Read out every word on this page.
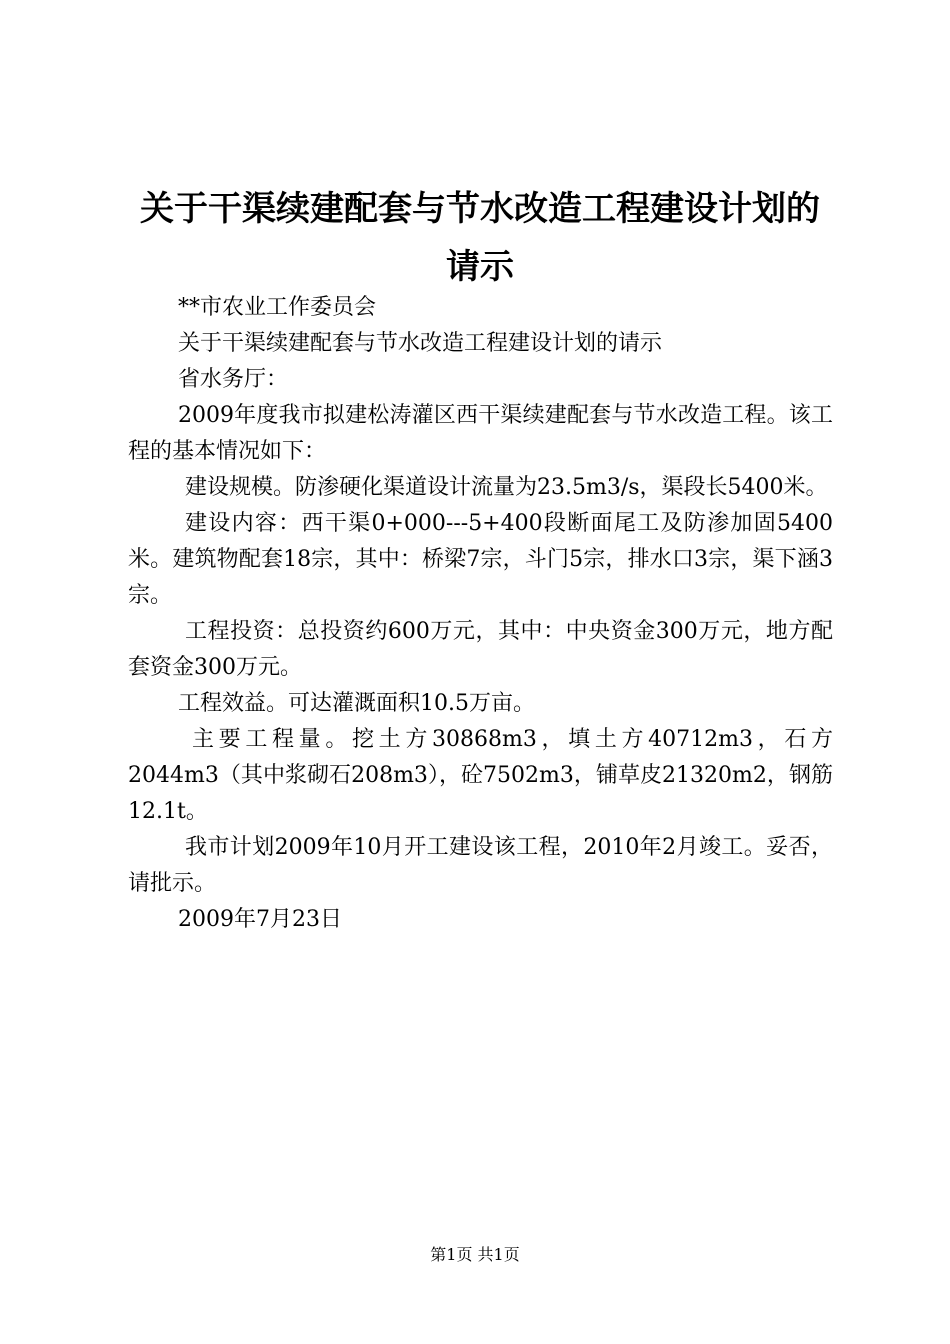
关于干渠续建配套与节水改造工程建设计划的
请示

**市农业工作委员会

关于干渠续建配套与节水改造工程建设计划的请示

省水务厅：

2009年度我市拟建松涛灌区西干渠续建配套与节水改造工程。该工程的基本情况如下：

建设规模。防渗硬化渠道设计流量为23.5m3/s，渠段长5400米。

建设内容：西干渠0+000---5+400段断面尾工及防渗加固5400米。建筑物配套18宗，其中：桥梁7宗，斗门5宗，排水口3宗，渠下涵3宗。

工程投资：总投资约600万元，其中：中央资金300万元，地方配套资金300万元。

工程效益。可达灌溉面积10.5万亩。

主要工程量。挖土方30868m3，填土方40712m3，石方2044m3（其中浆砌石208m3），砼7502m3，铺草皮21320m2，钢筋12.1t。

我市计划2009年10月开工建设该工程，2010年2月竣工。妥否，请批示。

2009年7月23日

第1页 共1页
